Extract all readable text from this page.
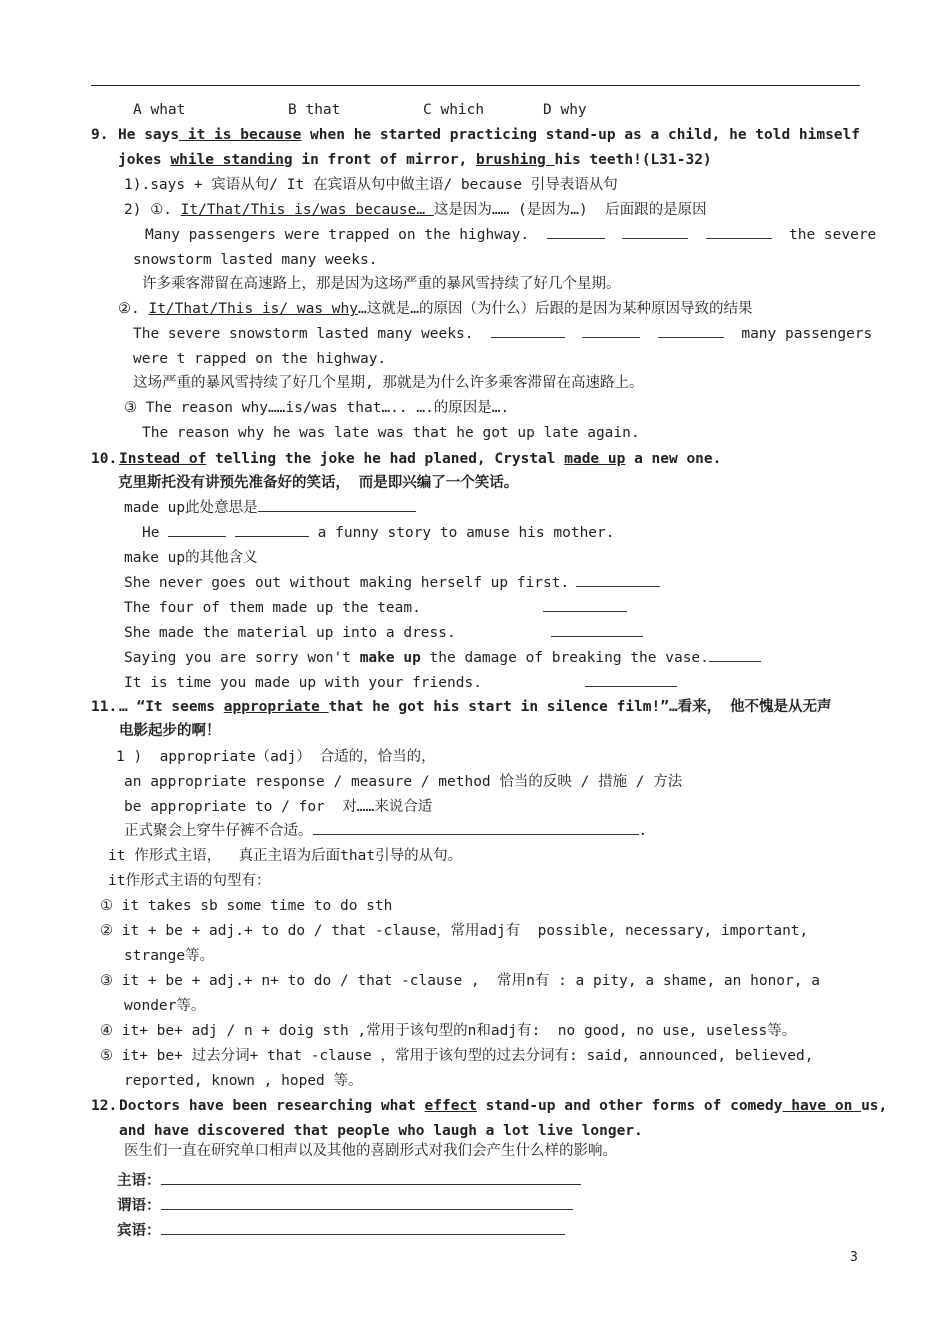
A what	B that	C which	D why
9. He says it is because when he started practicing stand-up as a child, he told himself
jokes while standing in front of mirror, brushing his teeth!(L31-32)
1).says + 宾语从句/ It 在宾语从句中做主语/ because 引导表语从句
2) ①. It/That/This is/was because… 这是因为…… (是因为…)  后面跟的是原因
Many passengers were trapped on the highway.	the severe
snowstorm lasted many weeks.
许多乘客滞留在高速路上，那是因为这场严重的暴风雪持续了好几个星期。
②. It/That/This is/ was why…这就是…的原因（为什么）后跟的是因为某种原因导致的结果
The severe snowstorm lasted many weeks.	many passengers
were t rapped on the highway.
这场严重的暴风雪持续了好几个星期, 那就是为什么许多乘客滞留在高速路上。
③ The reason why……is/was that….. ….的原因是….
The reason why he was late was that he got up late again.
10. Instead of telling the joke he had planed, Crystal made up a new one.
克里斯托没有讲预先准备好的笑话， 而是即兴编了一个笑话。
made up此处意思是
He	a funny story to amuse his mother.
make up的其他含义
She never goes out without making herself up first.
The four of them made up the team.
She made the material up into a dress.
Saying you are sorry won't make up the damage of breaking the vase.
It is time you made up with your friends.
11. … “It seems appropriate that he got his start in silence film!”…看来， 他不愧是从无声
电影起步的啊！
1 )  appropriate（adj） 合适的，恰当的，
an appropriate response / measure / method 恰当的反映 / 措施 / 方法
be appropriate to / for  对……来说合适
正式聚会上穿牛仔裤不合适。	.
it 作形式主语，  真正主语为后面that引导的从句。
it作形式主语的句型有：
① it takes sb some time to do sth
② it + be + adj.+ to do / that -clause，常用adj有  possible, necessary, important,
strange等。
③ it + be + adj.+ n+ to do / that -clause ,  常用n有 : a pity, a shame, an honor, a
wonder等。
④ it+ be+ adj / n + doig sth ,常用于该句型的n和adj有:  no good, no use, useless等。
⑤ it+ be+ 过去分词+ that -clause ，常用于该句型的过去分词有: said, announced, believed,
reported, known , hoped 等。
12. Doctors have been researching what effect stand-up and other forms of comedy have on us,
and have discovered that people who laugh a lot live longer.
医生们一直在研究单口相声以及其他的喜剧形式对我们会产生什么样的影响。
主语：
谓语：
宾语：
3
